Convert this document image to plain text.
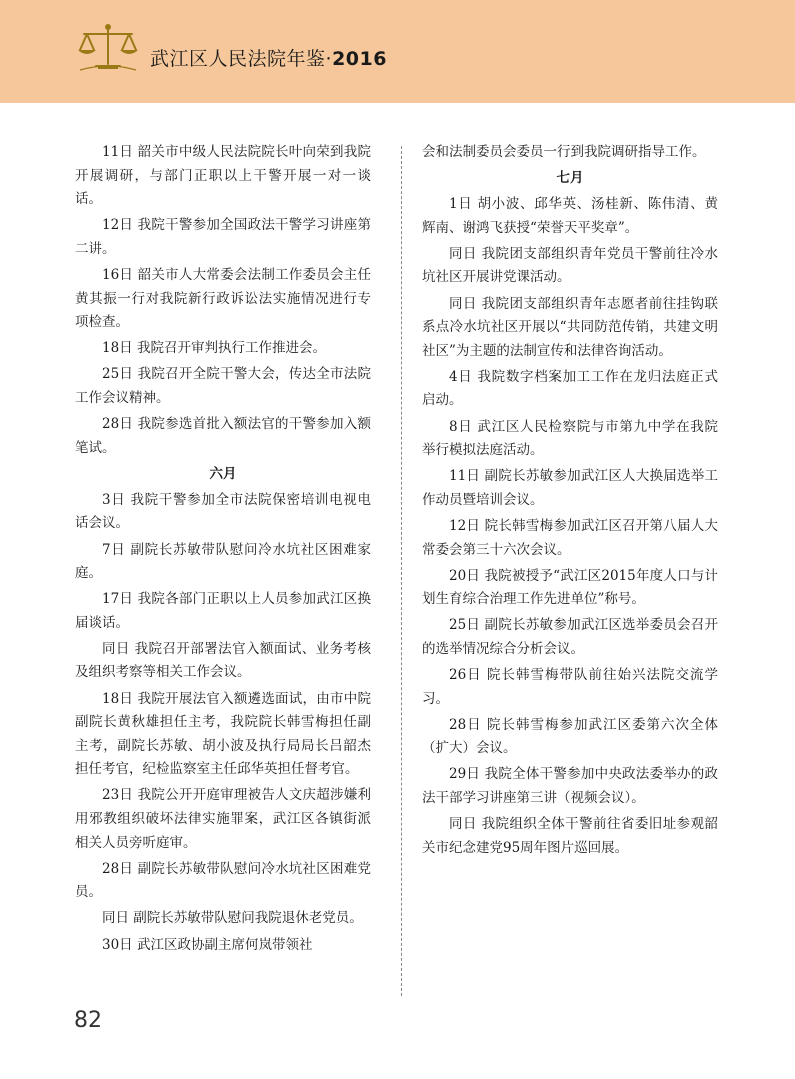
武江区人民法院年鉴·2016

11日 韶关市中级人民法院院长叶向荣到我院开展调研，与部门正职以上干警开展一对一谈话。

12日 我院干警参加全国政法干警学习讲座第二讲。

16日 韶关市人大常委会法制工作委员会主任黄其振一行对我院新行政诉讼法实施情况进行专项检查。

18日 我院召开审判执行工作推进会。

25日 我院召开全院干警大会，传达全市法院工作会议精神。

28日 我院参选首批入额法官的干警参加入额笔试。

六月

3日 我院干警参加全市法院保密培训电视电话会议。

7日 副院长苏敏带队慰问冷水坑社区困难家庭。

17日 我院各部门正职以上人员参加武江区换届谈话。

同日 我院召开部署法官入额面试、业务考核及组织考察等相关工作会议。

18日 我院开展法官入额遴选面试，由市中院副院长黄秋雄担任主考，我院院长韩雪梅担任副主考，副院长苏敏、胡小波及执行局局长吕韶杰担任考官，纪检监察室主任邱华英担任督考官。

23日 我院公开开庭审理被告人文庆超涉嫌利用邪教组织破坏法律实施罪案，武江区各镇街派相关人员旁听庭审。

28日 副院长苏敏带队慰问冷水坑社区困难党员。

同日 副院长苏敏带队慰问我院退休老党员。

30日 武江区政协副主席何岚带领社

会和法制委员会委员一行到我院调研指导工作。

七月

1日 胡小波、邱华英、汤桂新、陈伟清、黄辉南、谢鸿飞获授“荣誉天平奖章”。

同日 我院团支部组织青年党员干警前往冷水坑社区开展讲党课活动。

同日 我院团支部组织青年志愿者前往挂钩联系点冷水坑社区开展以“共同防范传销，共建文明社区”为主题的法制宣传和法律咨询活动。

4日 我院数字档案加工工作在龙归法庭正式启动。

8日 武江区人民检察院与市第九中学在我院举行模拟法庭活动。

11日 副院长苏敏参加武江区人大换届选举工作动员暨培训会议。

12日 院长韩雪梅参加武江区召开第八届人大常委会第三十六次会议。

20日 我院被授予“武江区2015年度人口与计划生育综合治理工作先进单位”称号。

25日 副院长苏敏参加武江区选举委员会召开的选举情况综合分析会议。

26日 院长韩雪梅带队前往始兴法院交流学习。

28日 院长韩雪梅参加武江区委第六次全体（扩大）会议。

29日 我院全体干警参加中央政法委举办的政法干部学习讲座第三讲（视频会议）。

同日 我院组织全体干警前往省委旧址参观韶关市纪念建党95周年图片巡回展。

82
